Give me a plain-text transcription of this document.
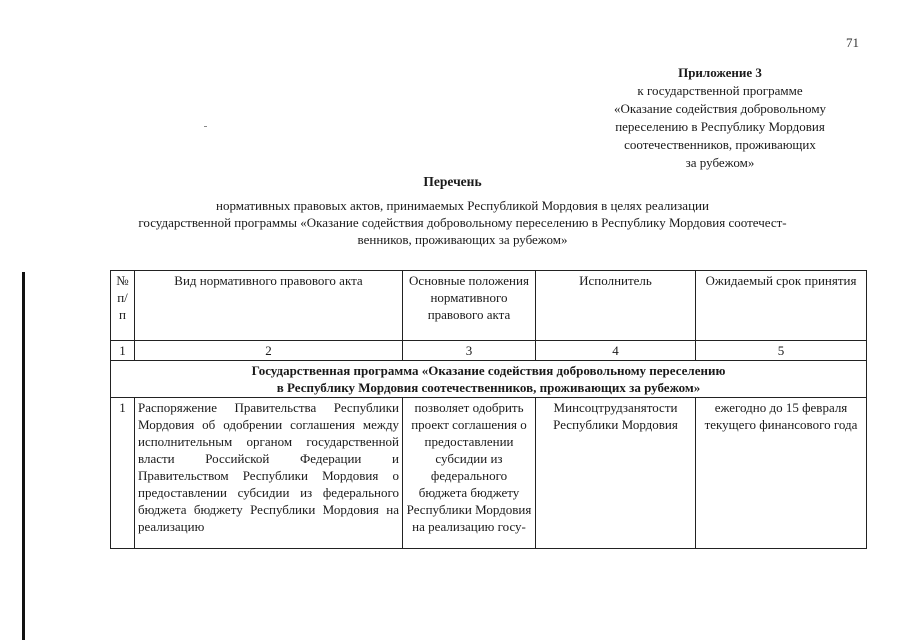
71
Приложение 3
к государственной программе
«Оказание содействия добровольному
переселению в Республику Мордовия
соотечественников, проживающих
за рубежом»
Перечень
нормативных правовых актов, принимаемых Республикой Мордовия в целях реализации
государственной программы «Оказание содействия добровольному переселению в Республику Мордовия соотечест-
венников, проживающих за рубежом»
№ п/ п	Вид нормативного правового акта	Основные положения нормативного правового акта	Исполнитель	Ожидаемый срок принятия
1	2	3	4	5

Государственная программа «Оказание содействия добровольному переселению
в Республику Мордовия соотечественников, проживающих за рубежом»				

1	Распоряжение Правительства Республики Мордовия об одобрении соглашения между исполнительным органом государственной власти Российской Федерации и Правительством Республики Мордовия о предоставлении субсидии из федерального бюджета бюджету Республики Мордовия на реализацию	позволяет одобрить проект соглашения о предоставлении субсидии из федерального бюджета бюджету Республики Мордовия на реализацию госу-	Минсоцтрудзанятости Республики Мордовия	ежегодно до 15 февраля текущего финансового года
